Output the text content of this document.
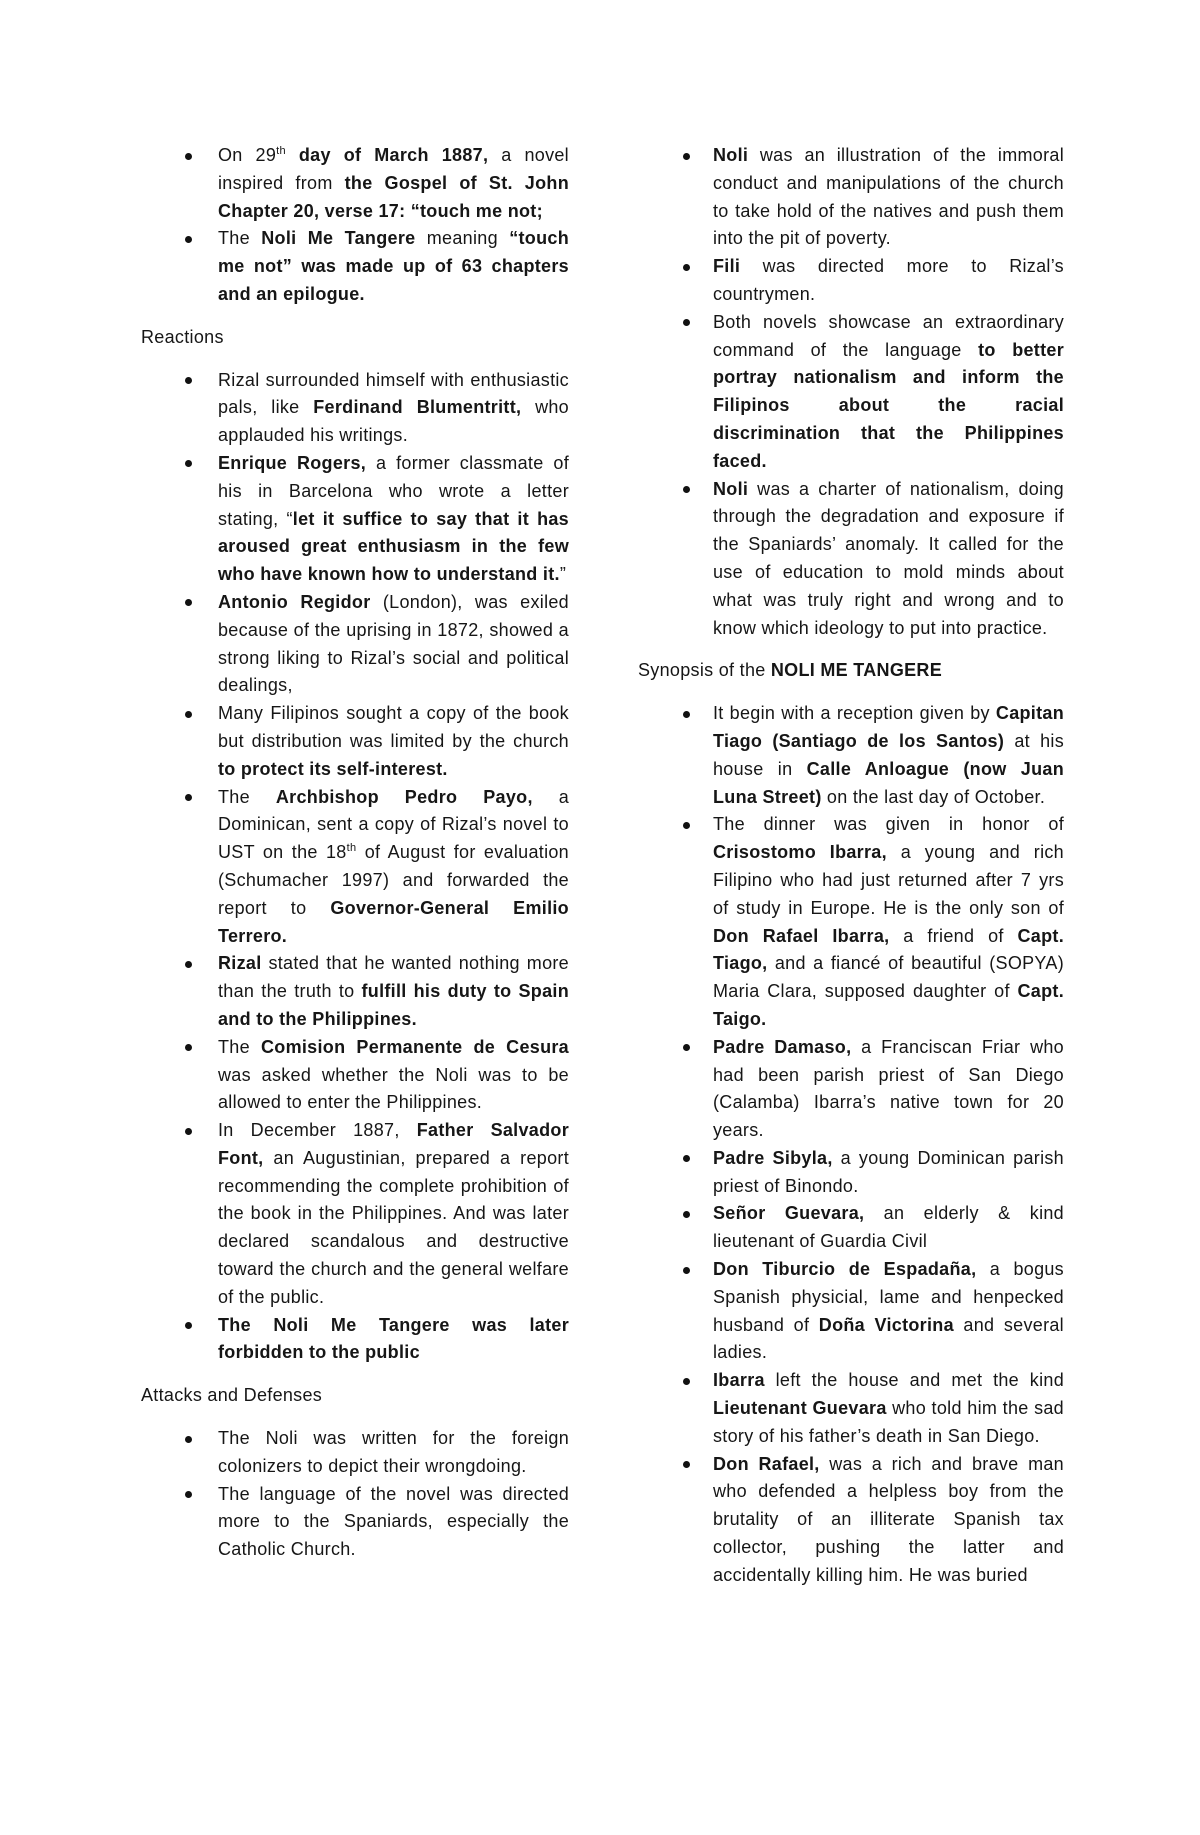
On 29th day of March 1887, a novel inspired from the Gospel of St. John Chapter 20, verse 17: “touch me not;
The Noli Me Tangere meaning “touch me not” was made up of 63 chapters and an epilogue.
Reactions
Rizal surrounded himself with enthusiastic pals, like Ferdinand Blumentritt, who applauded his writings.
Enrique Rogers, a former classmate of his in Barcelona who wrote a letter stating, “let it suffice to say that it has aroused great enthusiasm in the few who have known how to understand it.”
Antonio Regidor (London), was exiled because of the uprising in 1872, showed a strong liking to Rizal’s social and political dealings,
Many Filipinos sought a copy of the book but distribution was limited by the church to protect its self-interest.
The Archbishop Pedro Payo, a Dominican, sent a copy of Rizal’s novel to UST on the 18th of August for evaluation (Schumacher 1997) and forwarded the report to Governor-General Emilio Terrero.
Rizal stated that he wanted nothing more than the truth to fulfill his duty to Spain and to the Philippines.
The Comision Permanente de Cesura was asked whether the Noli was to be allowed to enter the Philippines.
In December 1887, Father Salvador Font, an Augustinian, prepared a report recommending the complete prohibition of the book in the Philippines. And was later declared scandalous and destructive toward the church and the general welfare of the public.
The Noli Me Tangere was later forbidden to the public
Attacks and Defenses
The Noli was written for the foreign colonizers to depict their wrongdoing.
The language of the novel was directed more to the Spaniards, especially the Catholic Church.
Noli was an illustration of the immoral conduct and manipulations of the church to take hold of the natives and push them into the pit of poverty.
Fili was directed more to Rizal’s countrymen.
Both novels showcase an extraordinary command of the language to better portray nationalism and inform the Filipinos about the racial discrimination that the Philippines faced.
Noli was a charter of nationalism, doing through the degradation and exposure if the Spaniards’ anomaly. It called for the use of education to mold minds about what was truly right and wrong and to know which ideology to put into practice.
Synopsis of the NOLI ME TANGERE
It begin with a reception given by Capitan Tiago (Santiago de los Santos) at his house in Calle Anloague (now Juan Luna Street) on the last day of October.
The dinner was given in honor of Crisostomo Ibarra, a young and rich Filipino who had just returned after 7 yrs of study in Europe. He is the only son of Don Rafael Ibarra, a friend of Capt. Tiago, and a fiancé of beautiful (SOPYA) Maria Clara, supposed daughter of Capt. Taigo.
Padre Damaso, a Franciscan Friar who had been parish priest of San Diego (Calamba) Ibarra’s native town for 20 years.
Padre Sibyla, a young Dominican parish priest of Binondo.
Señor Guevara, an elderly & kind lieutenant of Guardia Civil
Don Tiburcio de Espadaña, a bogus Spanish physicial, lame and henpecked husband of Doña Victorina and several ladies.
Ibarra left the house and met the kind Lieutenant Guevara who told him the sad story of his father’s death in San Diego.
Don Rafael, was a rich and brave man who defended a helpless boy from the brutality of an illiterate Spanish tax collector, pushing the latter and accidentally killing him. He was buried
